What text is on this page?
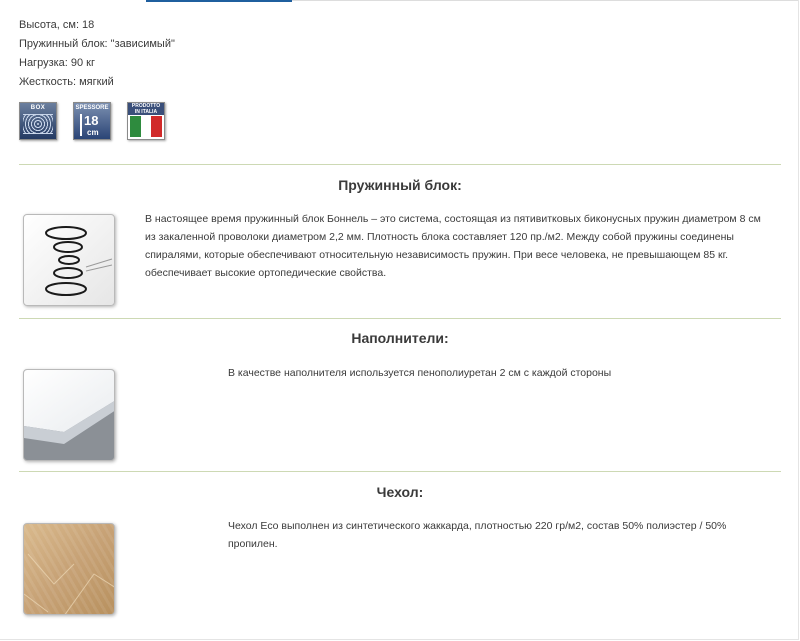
Высота, см: 18
Пружинный блок: "зависимый"
Нагрузка: 90 кг
Жесткость: мягкий
BOX	SPESSORE
18
cm
PRODOTTO
IN ITALIA
Пружинный блок:
В настоящее время пружинный блок Боннель – это система, состоящая из пятивитковых биконусных пружин диаметром 8 см
из закаленной проволоки диаметром 2,2 мм. Плотность блока составляет 120 пр./м2. Между собой пружины соединены
спиралями, которые обеспечивают относительную независимость пружин. При весе человека, не превышающем 85 кг.
обеспечивает высокие ортопедические свойства.
Наполнители:
В качестве наполнителя используется пенополиуретан 2 см с каждой стороны
Чехол:
Чехол Eco выполнен из синтетического жаккарда, плотностью 220 гр/м2, состав 50% полиэстер / 50%
пропилен.
